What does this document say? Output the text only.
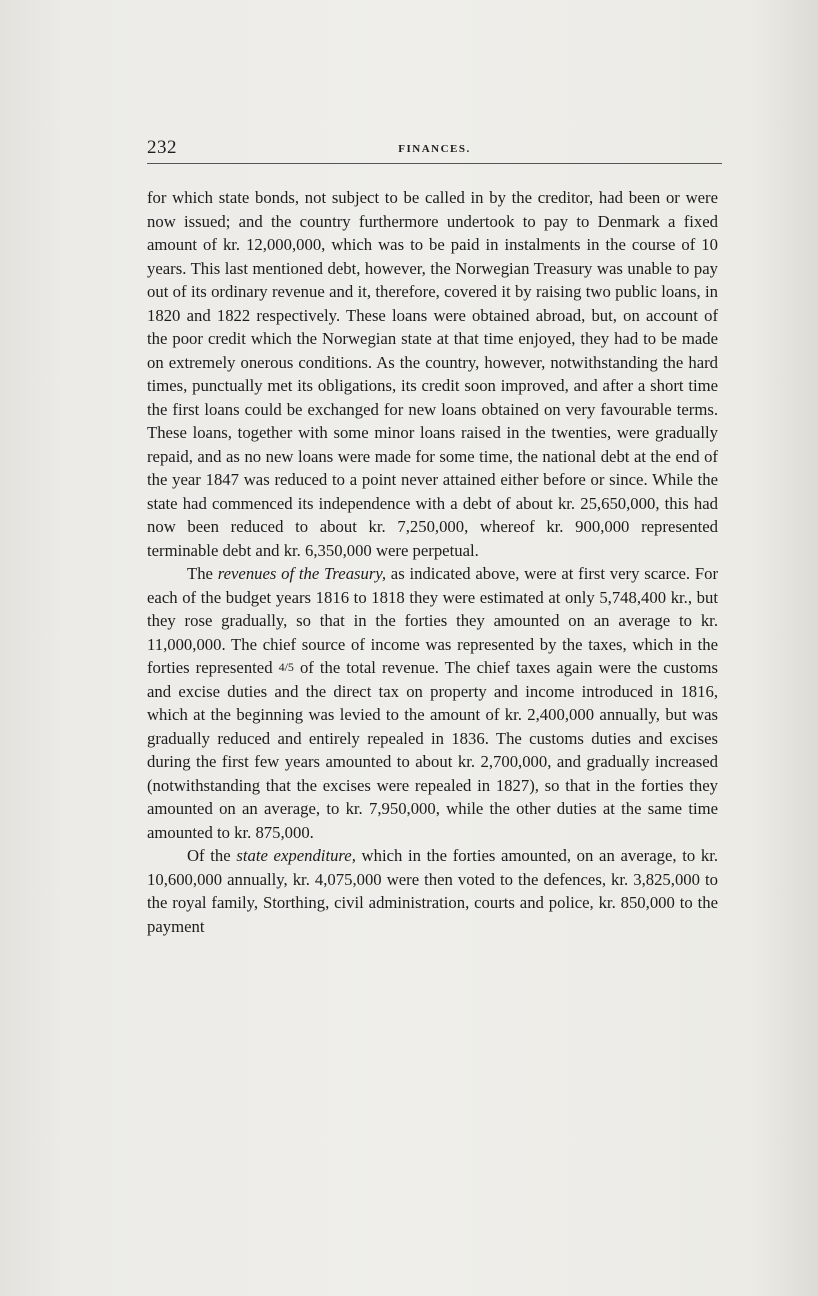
232	FINANCES.

for which state bonds, not subject to be called in by the creditor, had been or were now issued; and the country furthermore undertook to pay to Denmark a fixed amount of kr. 12,000,000, which was to be paid in instalments in the course of 10 years. This last mentioned debt, however, the Norwegian Treasury was unable to pay out of its ordinary revenue and it, therefore, covered it by raising two public loans, in 1820 and 1822 respectively. These loans were obtained abroad, but, on account of the poor credit which the Norwegian state at that time enjoyed, they had to be made on extremely onerous conditions. As the country, however, notwithstanding the hard times, punctually met its obligations, its credit soon improved, and after a short time the first loans could be exchanged for new loans obtained on very favourable terms. These loans, together with some minor loans raised in the twenties, were gradually repaid, and as no new loans were made for some time, the national debt at the end of the year 1847 was reduced to a point never attained either before or since. While the state had commenced its independence with a debt of about kr. 25,650,000, this had now been reduced to about kr. 7,250,000, whereof kr. 900,000 represented terminable debt and kr. 6,350,000 were perpetual.

The revenues of the Treasury, as indicated above, were at first very scarce. For each of the budget years 1816 to 1818 they were estimated at only 5,748,400 kr., but they rose gradually, so that in the forties they amounted on an average to kr. 11,000,000. The chief source of income was represented by the taxes, which in the forties represented $^{4/5}$ of the total revenue. The chief taxes again were the customs and excise duties and the direct tax on property and income introduced in 1816, which at the beginning was levied to the amount of kr. 2,400,000 annually, but was gradually reduced and entirely repealed in 1836. The customs duties and excises during the first few years amounted to about kr. 2,700,000, and gradually increased (notwithstanding that the excises were repealed in 1827), so that in the forties they amounted on an average, to kr. 7,950,000, while the other duties at the same time amounted to kr. 875,000.

Of the state expenditure, which in the forties amounted, on an average, to kr. 10,600,000 annually, kr. 4,075,000 were then voted to the defences, kr. 3,825,000 to the royal family, Storthing, civil administration, courts and police, kr. 850,000 to the payment
